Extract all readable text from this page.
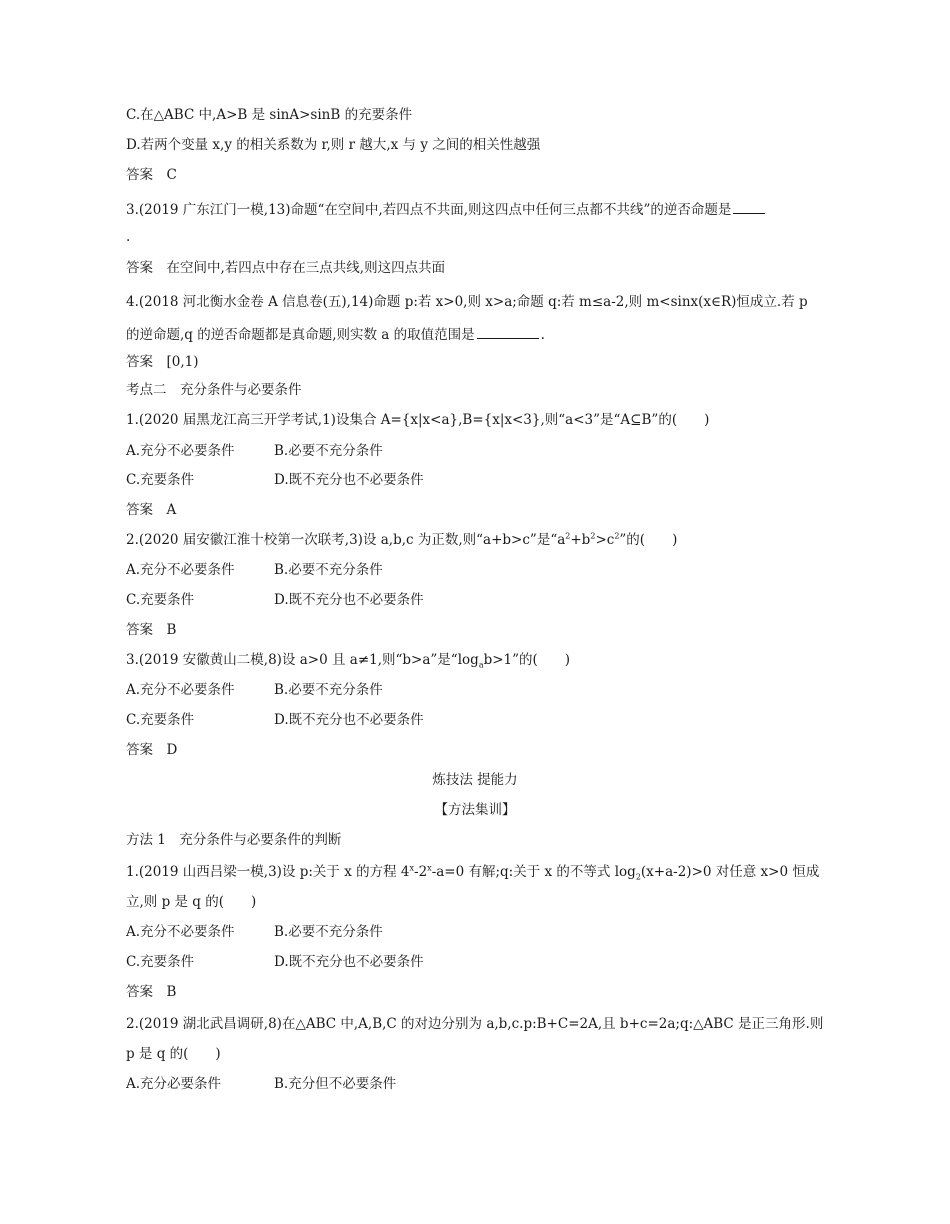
C.在△ABC 中,A>B 是 sinA>sinB 的充要条件
D.若两个变量 x,y 的相关系数为 r,则 r 越大,x 与 y 之间的相关性越强
答案　C
3.(2019 广东江门一模,13)命题“在空间中,若四点不共面,则这四点中任何三点都不共线”的逆否命题是
.
答案　在空间中,若四点中存在三点共线,则这四点共面
4.(2018 河北衡水金卷 A 信息卷(五),14)命题 p:若 x>0,则 x>a;命题 q:若 m≤a-2,则 m<sinx(x∈R)恒成立.若 p
的逆命题,q 的逆否命题都是真命题,则实数 a 的取值范围是	.
答案　[0,1)
考点二　充分条件与必要条件
1.(2020 届黑龙江高三开学考试,1)设集合 A={x|x<a},B={x|x<3},则“a<3”是“A⊆B”的(　　)
A.充分不必要条件	B.必要不充分条件
C.充要条件	D.既不充分也不必要条件
答案　A
2.(2020 届安徽江淮十校第一次联考,3)设 a,b,c 为正数,则“a+b>c”是“$a^2+b^2>c^2$”的(　　)
A.充分不必要条件	B.必要不充分条件
C.充要条件	D.既不充分也不必要条件
答案　B
3.(2019 安徽黄山二模,8)设 a>0 且 a≠1,则“b>a”是“$\log_ab>1$”的(　　)
A.充分不必要条件	B.必要不充分条件
C.充要条件	D.既不充分也不必要条件
答案　D
炼技法 提能力
【方法集训】
方法 1　充分条件与必要条件的判断
1.(2019 山西吕梁一模,3)设 p:关于 x 的方程 $4^x-2^x-a=0$ 有解;q:关于 x 的不等式 $\log_2(x+a-2)>0$ 对任意 x>0 恒成
立,则 p 是 q 的(　　)
A.充分不必要条件	B.必要不充分条件
C.充要条件	D.既不充分也不必要条件
答案　B
2.(2019 湖北武昌调研,8)在△ABC 中,A,B,C 的对边分别为 a,b,c.p:B+C=2A,且 b+c=2a;q:△ABC 是正三角形.则
p 是 q 的(　　)
A.充分必要条件	B.充分但不必要条件
